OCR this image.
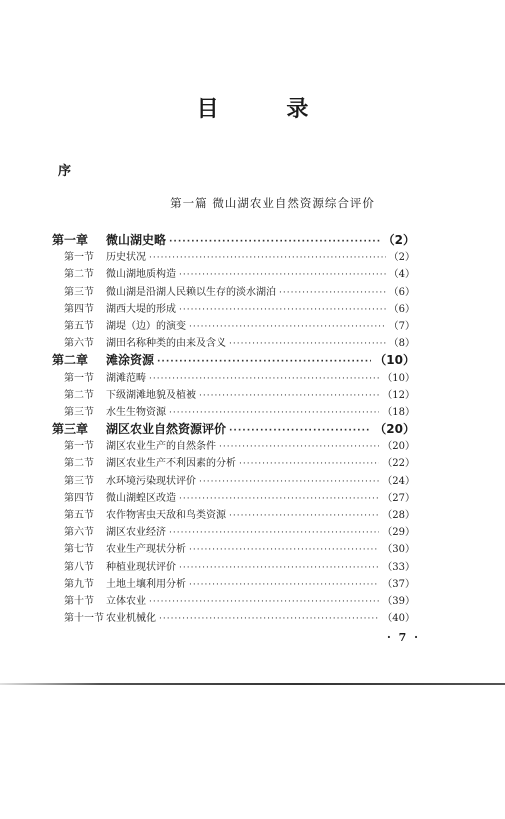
目 录
序
第一篇 微山湖农业自然资源综合评价
第一章	微山湖史略 ·····	（2）
第一节	历史状况 ·····	（2）
第二节	微山湖地质构造 ·····	（4）
第三节	微山湖是沿湖人民赖以生存的淡水湖泊 ·····	（6）
第四节	湖西大堤的形成 ·····	（6）
第五节	湖堤（边）的演变 ·····	（7）
第六节	湖田名称种类的由来及含义 ·····	（8）
第二章	滩涂资源 ·····	（10）
第一节	湖滩范畴 ·····	（10）
第二节	下级湖滩地貌及植被 ·····	（12）
第三节	水生生物资源 ·····	（18）
第三章	湖区农业自然资源评价 ·····	（20）
第一节	湖区农业生产的自然条件 ·····	（20）
第二节	湖区农业生产不利因素的分析 ·····	（22）
第三节	水环境污染现状评价 ·····	（24）
第四节	微山湖蝗区改造 ·····	（27）
第五节	农作物害虫天敌和鸟类资源 ·····	（28）
第六节	湖区农业经济 ·····	（29）
第七节	农业生产现状分析 ·····	（30）
第八节	种植业现状评价 ·····	（33）
第九节	土地土壤利用分析 ·····	（37）
第十节	立体农业 ·····	（39）
第十一节 农业机械化 ·····	（40）
· 7 ·
